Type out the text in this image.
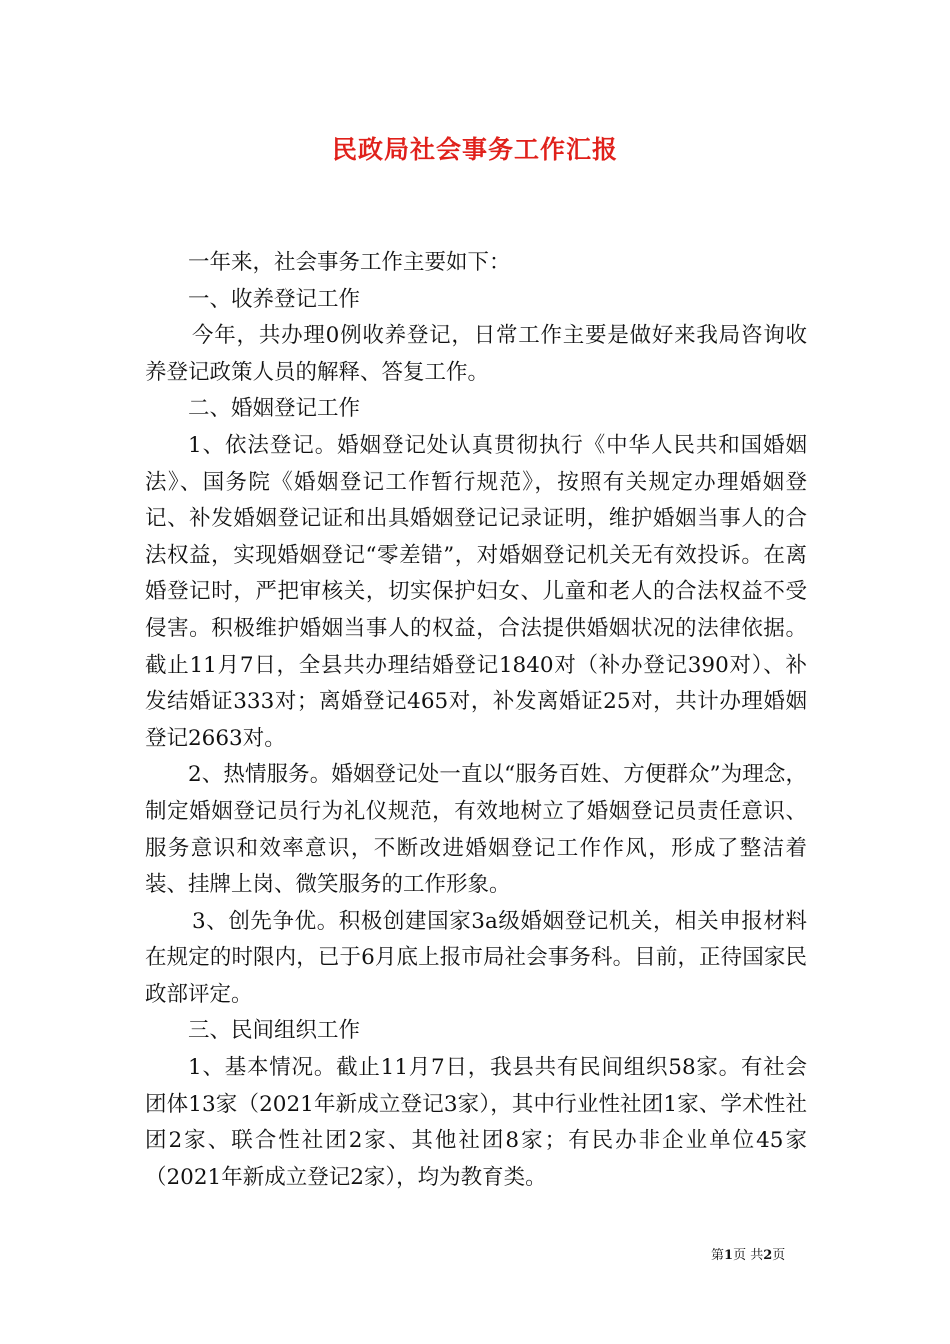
民政局社会事务工作汇报

一年来，社会事务工作主要如下：

一、收养登记工作

今年，共办理0例收养登记，日常工作主要是做好来我局咨询收养登记政策人员的解释、答复工作。

二、婚姻登记工作

1、依法登记。婚姻登记处认真贯彻执行《中华人民共和国婚姻法》、国务院《婚姻登记工作暂行规范》，按照有关规定办理婚姻登记、补发婚姻登记证和出具婚姻登记记录证明，维护婚姻当事人的合法权益，实现婚姻登记“零差错”，对婚姻登记机关无有效投诉。在离婚登记时，严把审核关，切实保护妇女、儿童和老人的合法权益不受侵害。积极维护婚姻当事人的权益，合法提供婚姻状况的法律依据。截止11月7日，全县共办理结婚登记1840对（补办登记390对）、补发结婚证333对；离婚登记465对，补发离婚证25对，共计办理婚姻登记2663对。

2、热情服务。婚姻登记处一直以“服务百姓、方便群众”为理念，制定婚姻登记员行为礼仪规范，有效地树立了婚姻登记员责任意识、服务意识和效率意识，不断改进婚姻登记工作作风，形成了整洁着装、挂牌上岗、微笑服务的工作形象。

3、创先争优。积极创建国家3a级婚姻登记机关，相关申报材料在规定的时限内，已于6月底上报市局社会事务科。目前，正待国家民政部评定。

三、民间组织工作

1、基本情况。截止11月7日，我县共有民间组织58家。有社会团体13家（2021年新成立登记3家），其中行业性社团1家、学术性社团2家、联合性社团2家、其他社团8家；有民办非企业单位45家（2021年新成立登记2家），均为教育类。

第1页 共2页
